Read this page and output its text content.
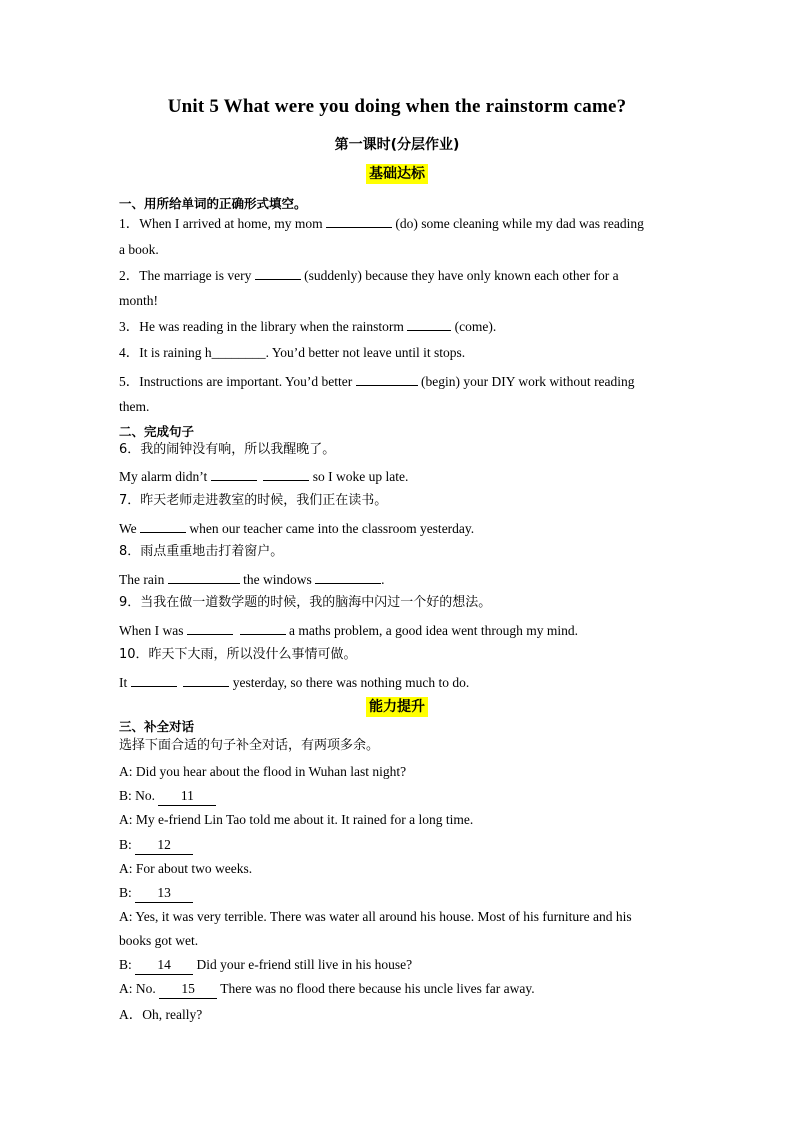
Unit 5 What were you doing when the rainstorm came?
第一课时(分层作业)
基础达标
一、用所给单词的正确形式填空。
1．When I arrived at home, my mom	(do) some cleaning while my dad was reading
a book.
2．The marriage is very	(suddenly) because they have only known each other for a
month!
3．He was reading in the library when the rainstorm	(come).
4．It is raining h________. You’d better not leave until it stops.
5．Instructions are important. You’d better	(begin) your DIY work without reading
them.
二、完成句子
6．我的闹钟没有响，所以我醒晚了。
My alarm didn’t	so I woke up late.
7．昨天老师走进教室的时候，我们正在读书。
We	when our teacher came into the classroom yesterday.
8．雨点重重地击打着窗户。
The rain	the windows	.
9．当我在做一道数学题的时候，我的脑海中闪过一个好的想法。
When I was	a maths problem, a good idea went through my mind.
10．昨天下大雨，所以没什么事情可做。
It	yesterday, so there was nothing much to do.
能力提升
三、补全对话
选择下面合适的句子补全对话，有两项多余。
A: Did you hear about the flood in Wuhan last night?
B: No. 11
A: My e-friend Lin Tao told me about it. It rained for a long time.
B: 12
A: For about two weeks.
B: 13
A: Yes, it was very terrible. There was water all around his house. Most of his furniture and his
books got wet.
B: 14 Did your e-friend still live in his house?
A: No. 15 There was no flood there because his uncle lives far away.
A．Oh, really?
